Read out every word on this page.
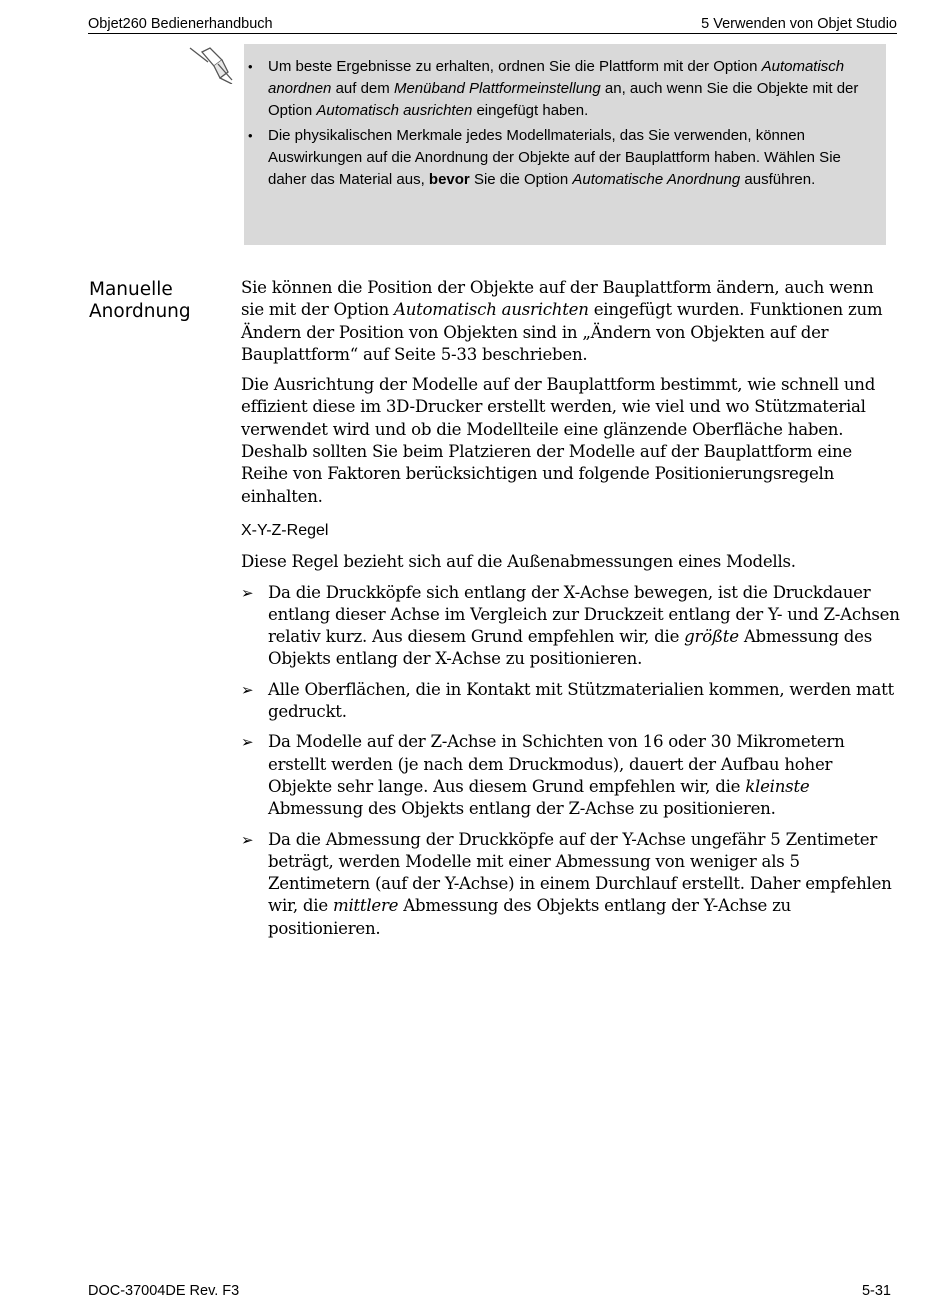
Objet260 Bedienerhandbuch	5 Verwenden von Objet Studio
• Um beste Ergebnisse zu erhalten, ordnen Sie die Plattform mit der Option Automatisch anordnen auf dem Menüband Plattformeinstellung an, auch wenn Sie die Objekte mit der Option Automatisch ausrichten eingefügt haben.
• Die physikalischen Merkmale jedes Modellmaterials, das Sie verwenden, können Auswirkungen auf die Anordnung der Objekte auf der Bauplattform haben. Wählen Sie daher das Material aus, bevor Sie die Option Automatische Anordnung ausführen.
Manuelle
Anordnung

Sie können die Position der Objekte auf der Bauplattform ändern, auch wenn sie mit der Option Automatisch ausrichten eingefügt wurden. Funktionen zum Ändern der Position von Objekten sind in „Ändern von Objekten auf der Bauplattform“ auf Seite 5-33 beschrieben.

Die Ausrichtung der Modelle auf der Bauplattform bestimmt, wie schnell und effizient diese im 3D-Drucker erstellt werden, wie viel und wo Stützmaterial verwendet wird und ob die Modellteile eine glänzende Oberfläche haben. Deshalb sollten Sie beim Platzieren der Modelle auf der Bauplattform eine Reihe von Faktoren berücksichtigen und folgende Positionierungsregeln einhalten.

X-Y-Z-Regel

Diese Regel bezieht sich auf die Außenabmessungen eines Modells.

➢ Da die Druckköpfe sich entlang der X-Achse bewegen, ist die Druckdauer entlang dieser Achse im Vergleich zur Druckzeit entlang der Y- und Z-Achsen relativ kurz. Aus diesem Grund empfehlen wir, die größte Abmessung des Objekts entlang der X-Achse zu positionieren.
➢ Alle Oberflächen, die in Kontakt mit Stützmaterialien kommen, werden matt gedruckt.
➢ Da Modelle auf der Z-Achse in Schichten von 16 oder 30 Mikrometern erstellt werden (je nach dem Druckmodus), dauert der Aufbau hoher Objekte sehr lange. Aus diesem Grund empfehlen wir, die kleinste Abmessung des Objekts entlang der Z-Achse zu positionieren.
➢ Da die Abmessung der Druckköpfe auf der Y-Achse ungefähr 5 Zentimeter beträgt, werden Modelle mit einer Abmessung von weniger als 5 Zentimetern (auf der Y-Achse) in einem Durchlauf erstellt. Daher empfehlen wir, die mittlere Abmessung des Objekts entlang der Y-Achse zu positionieren.
DOC-37004DE Rev. F3	5-31
